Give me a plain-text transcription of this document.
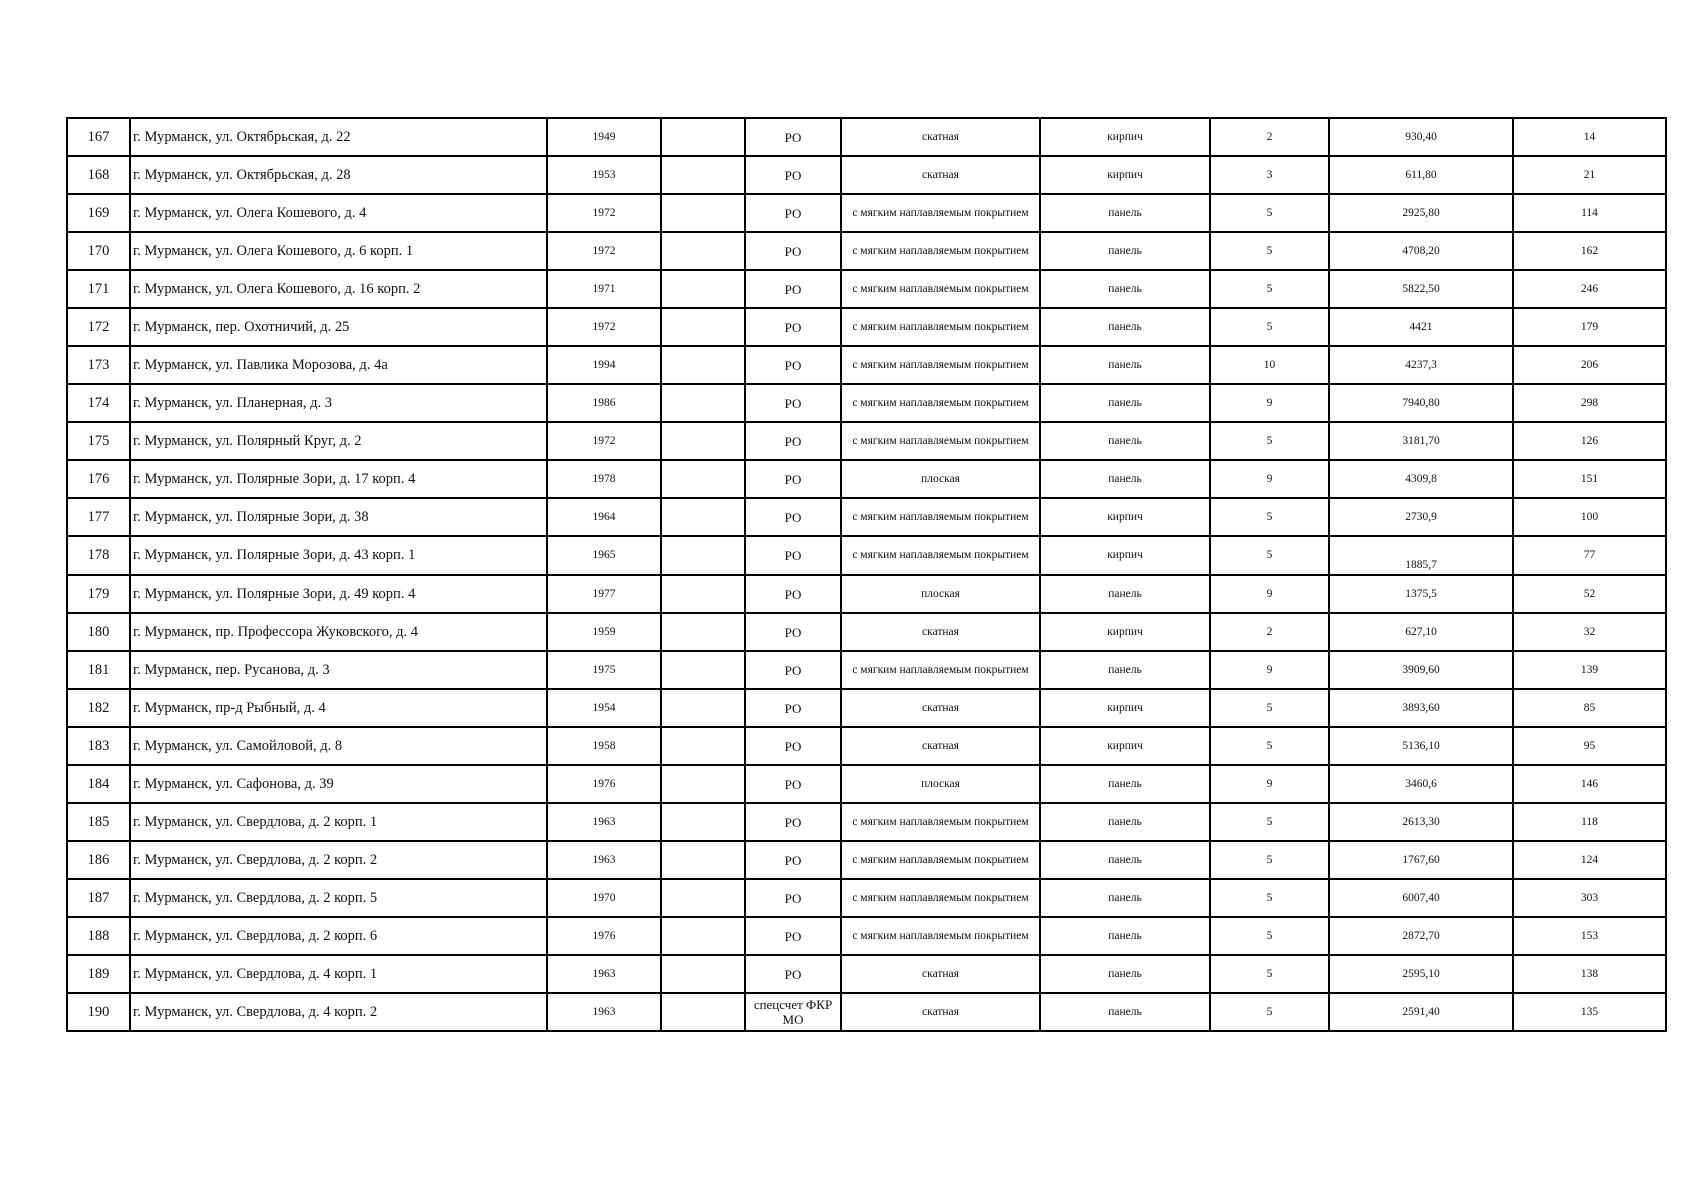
167	г. Мурманск, ул. Октябрьская, д. 22	1949		РО	скатная	кирпич	2	930,40	14
168	г. Мурманск, ул. Октябрьская, д. 28	1953		РО	скатная	кирпич	3	611,80	21
169	г. Мурманск, ул. Олега Кошевого, д. 4	1972		РО	с мягким наплавляемым покрытием	панель	5	2925,80	114
170	г. Мурманск, ул. Олега Кошевого, д. 6 корп. 1	1972		РО	с мягким наплавляемым покрытием	панель	5	4708,20	162
171	г. Мурманск, ул. Олега Кошевого, д. 16 корп. 2	1971		РО	с мягким наплавляемым покрытием	панель	5	5822,50	246
172	г. Мурманск, пер. Охотничий, д. 25	1972		РО	с мягким наплавляемым покрытием	панель	5	4421	179
173	г. Мурманск, ул. Павлика Морозова, д. 4а	1994		РО	с мягким наплавляемым покрытием	панель	10	4237,3	206
174	г. Мурманск, ул. Планерная, д. 3	1986		РО	с мягким наплавляемым покрытием	панель	9	7940,80	298
175	г. Мурманск, ул. Полярный Круг, д. 2	1972		РО	с мягким наплавляемым покрытием	панель	5	3181,70	126
176	г. Мурманск, ул. Полярные Зори, д. 17 корп. 4	1978		РО	плоская	панель	9	4309,8	151
177	г. Мурманск, ул. Полярные Зори, д. 38	1964		РО	с мягким наплавляемым покрытием	кирпич	5	2730,9	100
178	г. Мурманск, ул. Полярные Зори, д. 43 корп. 1	1965		РО	с мягким наплавляемым покрытием	кирпич	5	1885,7	77
179	г. Мурманск, ул. Полярные Зори, д. 49 корп. 4	1977		РО	плоская	панель	9	1375,5	52
180	г. Мурманск, пр. Профессора Жуковского, д. 4	1959		РО	скатная	кирпич	2	627,10	32
181	г. Мурманск, пер. Русанова, д. 3	1975		РО	с мягким наплавляемым покрытием	панель	9	3909,60	139
182	г. Мурманск, пр-д Рыбный, д. 4	1954		РО	скатная	кирпич	5	3893,60	85
183	г. Мурманск, ул. Самойловой, д. 8	1958		РО	скатная	кирпич	5	5136,10	95
184	г. Мурманск, ул. Сафонова, д. 39	1976		РО	плоская	панель	9	3460,6	146
185	г. Мурманск, ул. Свердлова, д. 2 корп. 1	1963		РО	с мягким наплавляемым покрытием	панель	5	2613,30	118
186	г. Мурманск, ул. Свердлова, д. 2 корп. 2	1963		РО	с мягким наплавляемым покрытием	панель	5	1767,60	124
187	г. Мурманск, ул. Свердлова, д. 2 корп. 5	1970		РО	с мягким наплавляемым покрытием	панель	5	6007,40	303
188	г. Мурманск, ул. Свердлова, д. 2 корп. 6	1976		РО	с мягким наплавляемым покрытием	панель	5	2872,70	153
189	г. Мурманск, ул. Свердлова, д. 4 корп. 1	1963		РО	скатная	панель	5	2595,10	138
190	г. Мурманск, ул. Свердлова, д. 4 корп. 2	1963		спецсчет ФКР МО	скатная	панель	5	2591,40	135
